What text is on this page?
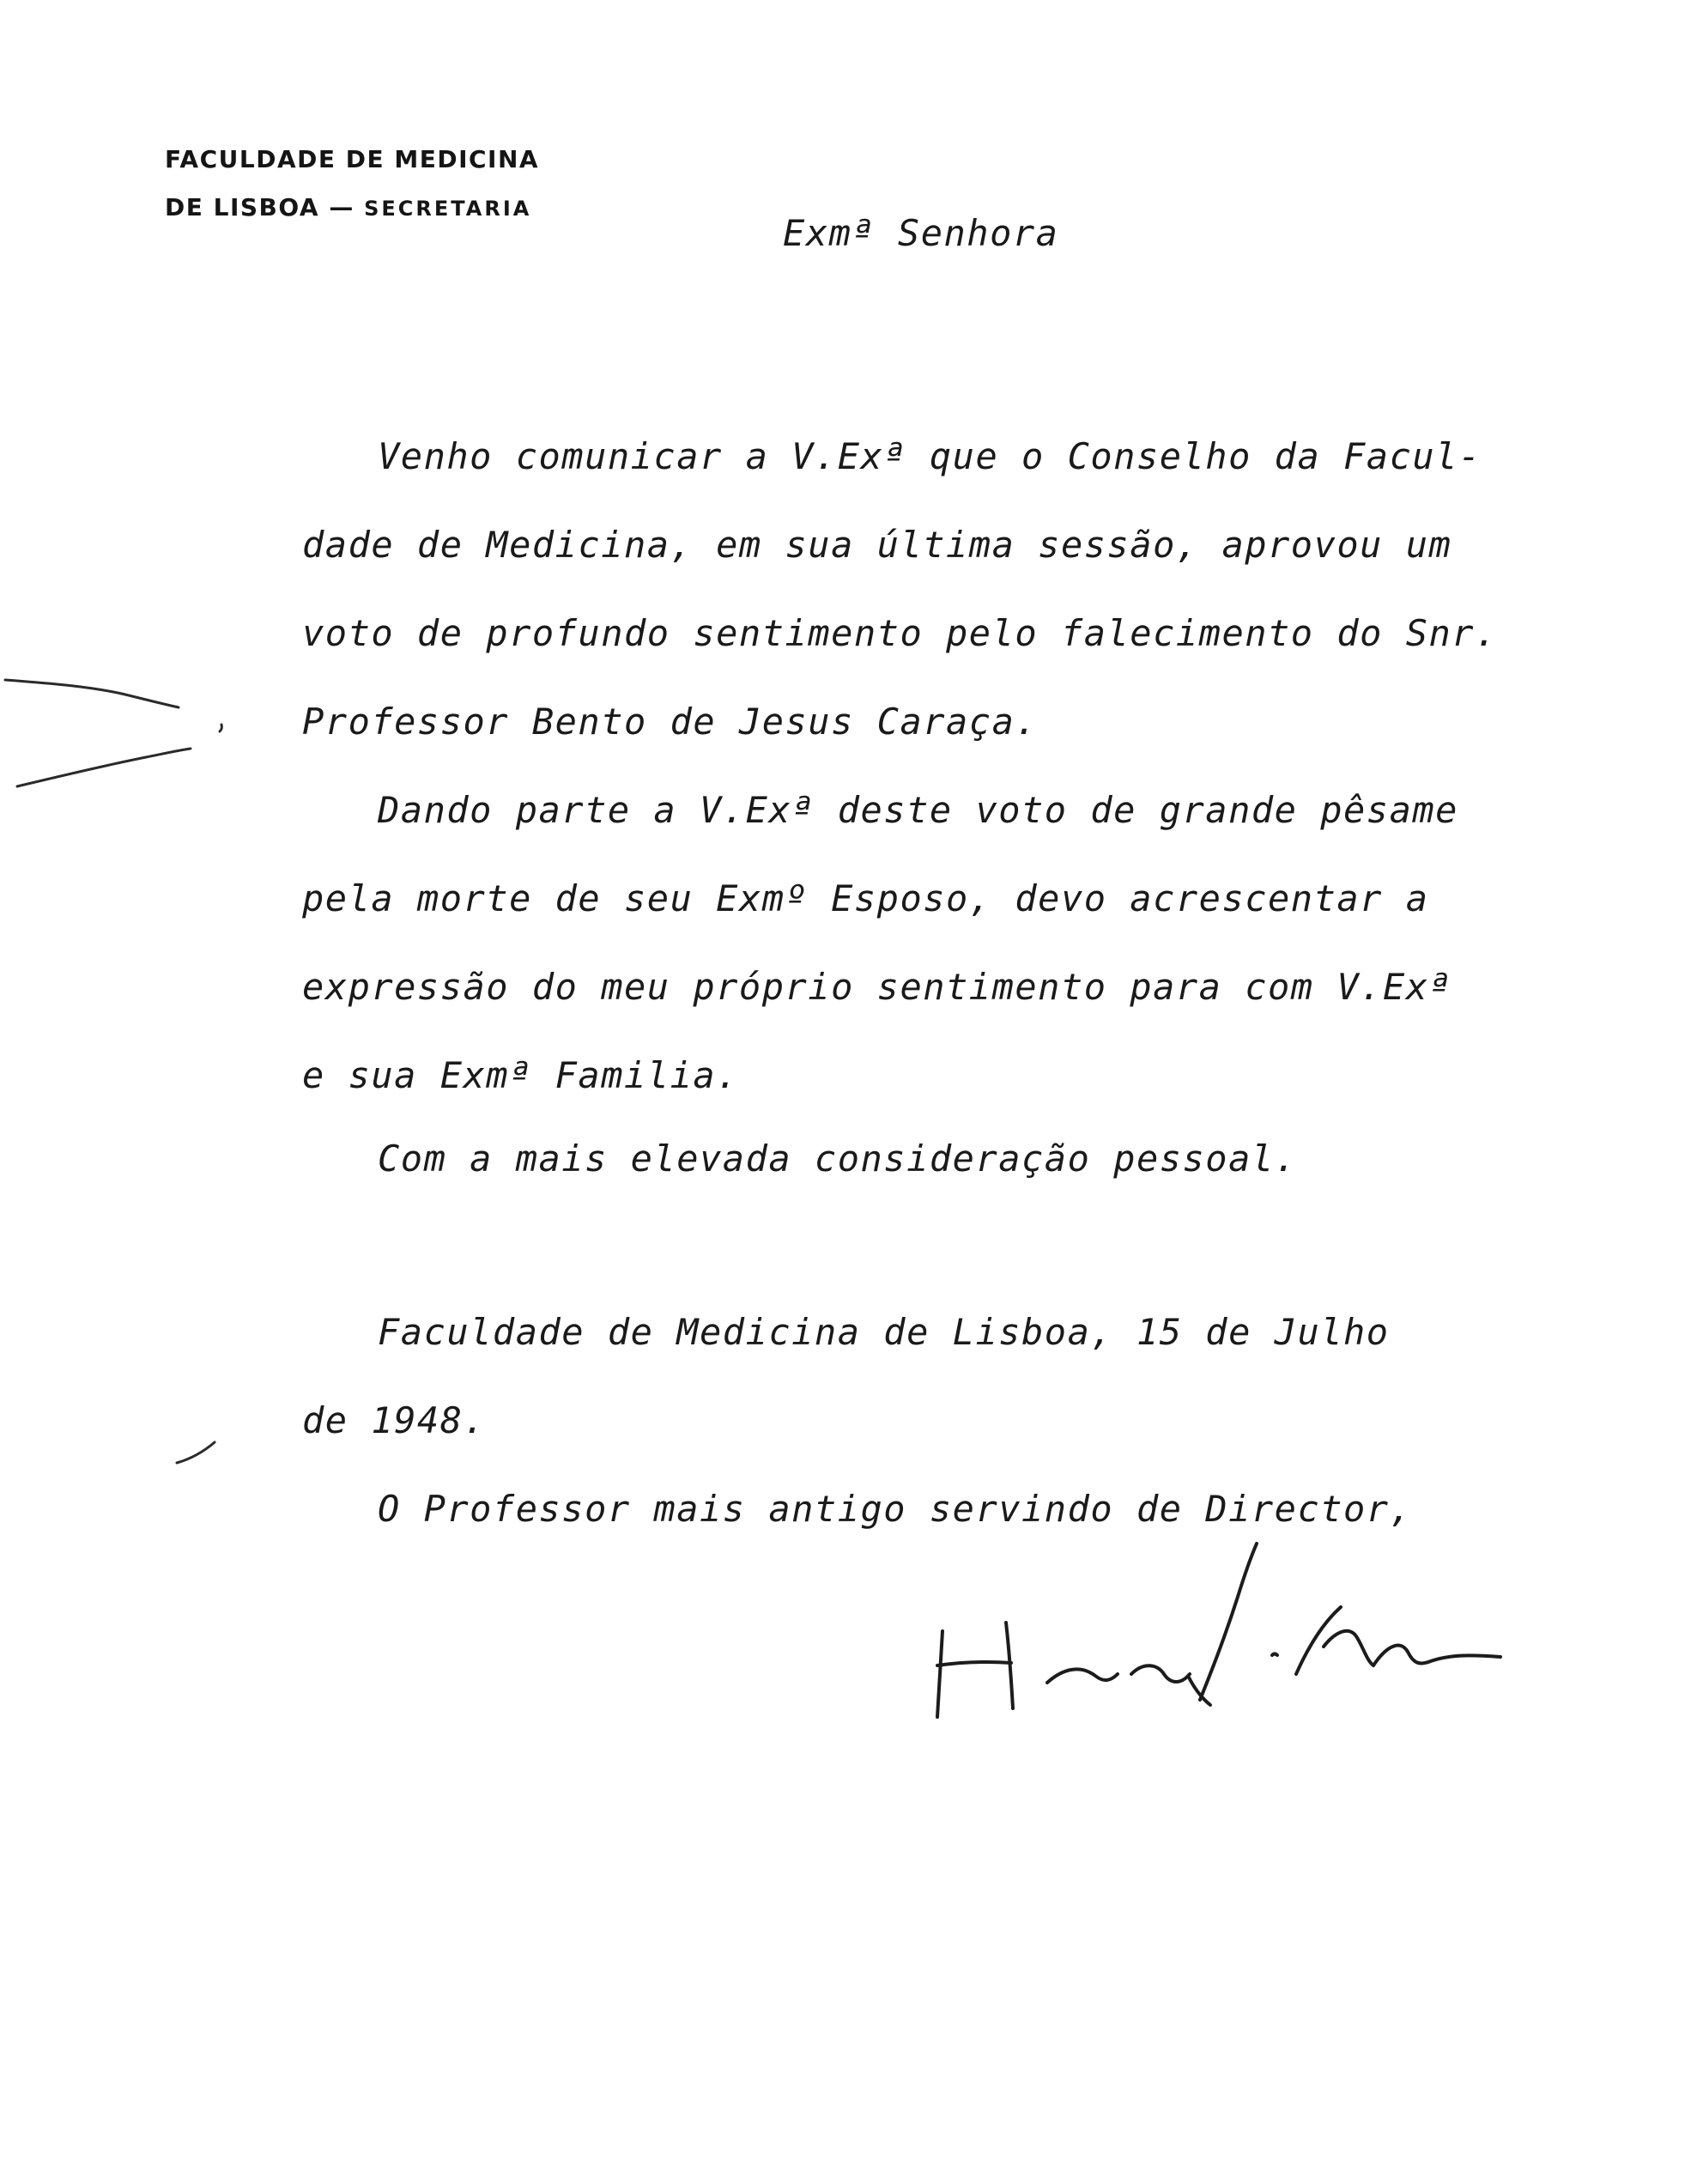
FACULDADE DE MEDICINA
DE LISBOA — SECRETARIA
Exmª Senhora
Venho comunicar a V.Exª que o Conselho da Facul-
dade de Medicina, em sua última sessão, aprovou um
voto de profundo sentimento pelo falecimento do Snr.
Professor Bento de Jesus Caraça.
Dando parte a V.Exª deste voto de grande pêsame
pela morte de seu Exmº Esposo, devo acrescentar a
expressão do meu próprio sentimento para com V.Exª
e sua Exmª Familia.
Com a mais elevada consideração pessoal.
Faculdade de Medicina de Lisboa, 15 de Julho
de 1948.
O Professor mais antigo servindo de Director,
